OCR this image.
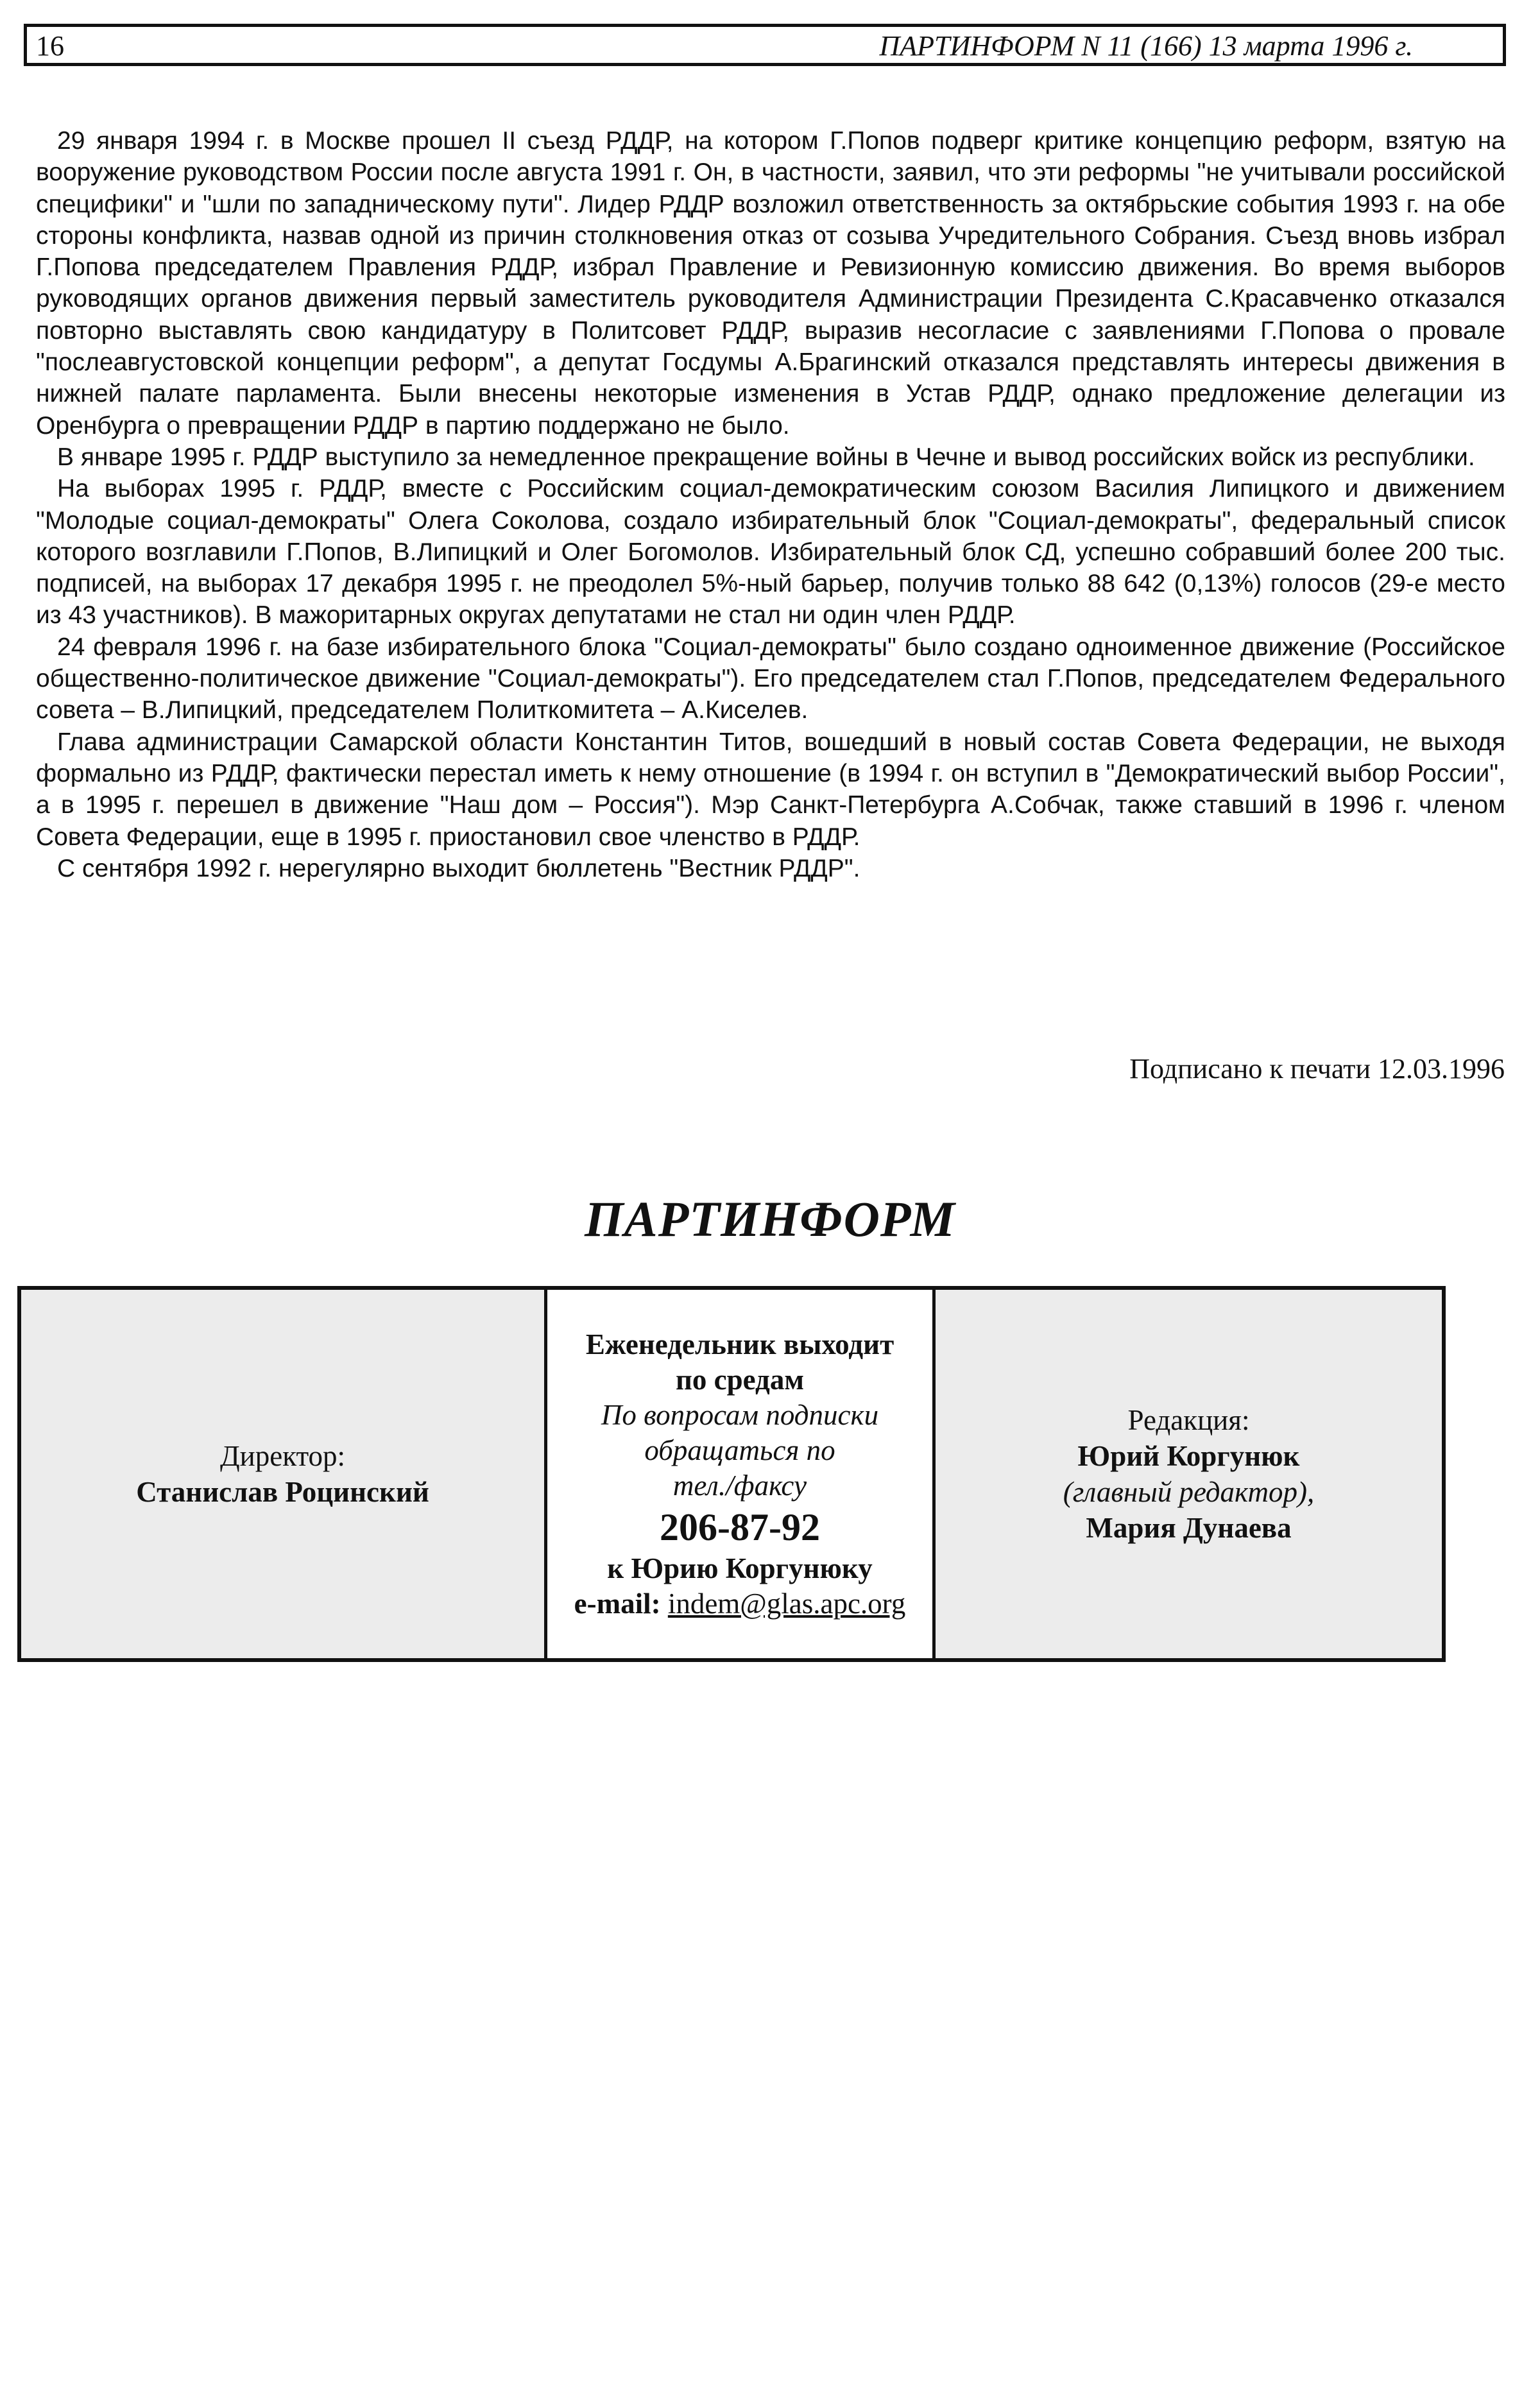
16	ПАРТИНФОРМ N 11 (166) 13 марта 1996 г.

29 января 1994 г. в Москве прошел II съезд РДДР, на котором Г.Попов подверг критике концепцию реформ, взятую на вооружение руководством России после августа 1991 г. Он, в частности, заявил, что эти реформы "не учитывали российской специфики" и "шли по западническому пути". Лидер РДДР возложил ответственность за октябрьские события 1993 г. на обе стороны конфликта, назвав одной из причин столкновения отказ от созыва Учредительного Собрания. Съезд вновь избрал Г.Попова председателем Правления РДДР, избрал Правление и Ревизионную комиссию движения. Во время выборов руководящих органов движения первый заместитель руководителя Администрации Президента С.Красавченко отказался повторно выставлять свою кандидатуру в Политсовет РДДР, выразив несогласие с заявлениями Г.Попова о провале "послеавгустовской концепции реформ", а депутат Госдумы А.Брагинский отказался представлять интересы движения в нижней палате парламента. Были внесены некоторые изменения в Устав РДДР, однако предложение делегации из Оренбурга о превращении РДДР в партию поддержано не было.

В январе 1995 г. РДДР выступило за немедленное прекращение войны в Чечне и вывод российских войск из республики.

На выборах 1995 г. РДДР, вместе с Российским социал-демократическим союзом Василия Липицкого и движением "Молодые социал-демократы" Олега Соколова, создало избирательный блок "Социал-демократы", федеральный список которого возглавили Г.Попов, В.Липицкий и Олег Богомолов. Избирательный блок СД, успешно собравший более 200 тыс. подписей, на выборах 17 декабря 1995 г. не преодолел 5%-ный барьер, получив только 88 642 (0,13%) голосов (29-е место из 43 участников). В мажоритарных округах депутатами не стал ни один член РДДР.

24 февраля 1996 г. на базе избирательного блока "Социал-демократы" было создано одноименное движение (Российское общественно-политическое движение "Социал-демократы"). Его председателем стал Г.Попов, председателем Федерального совета – В.Липицкий, председателем Политкомитета – А.Киселев.

Глава администрации Самарской области Константин Титов, вошедший в новый состав Совета Федерации, не выходя формально из РДДР, фактически перестал иметь к нему отношение (в 1994 г. он вступил в "Демократический выбор России", а в 1995 г. перешел в движение "Наш дом – Россия"). Мэр Санкт-Петербурга А.Собчак, также ставший в 1996 г. членом Совета Федерации, еще в 1995 г. приостановил свое членство в РДДР.

С сентября 1992 г. нерегулярно выходит бюллетень "Вестник РДДР".

Подписано к печати 12.03.1996
ПАРТИНФОРМ
Директор:
Станислав Роцинский
Еженедельник выходит
по средам
По вопросам подписки
обращаться по
тел./факсу
206-87-92
к Юрию Коргунюку
e-mail: indem@glas.apc.org
Редакция:
Юрий Коргунюк
(главный редактор),
Мария Дунаева
